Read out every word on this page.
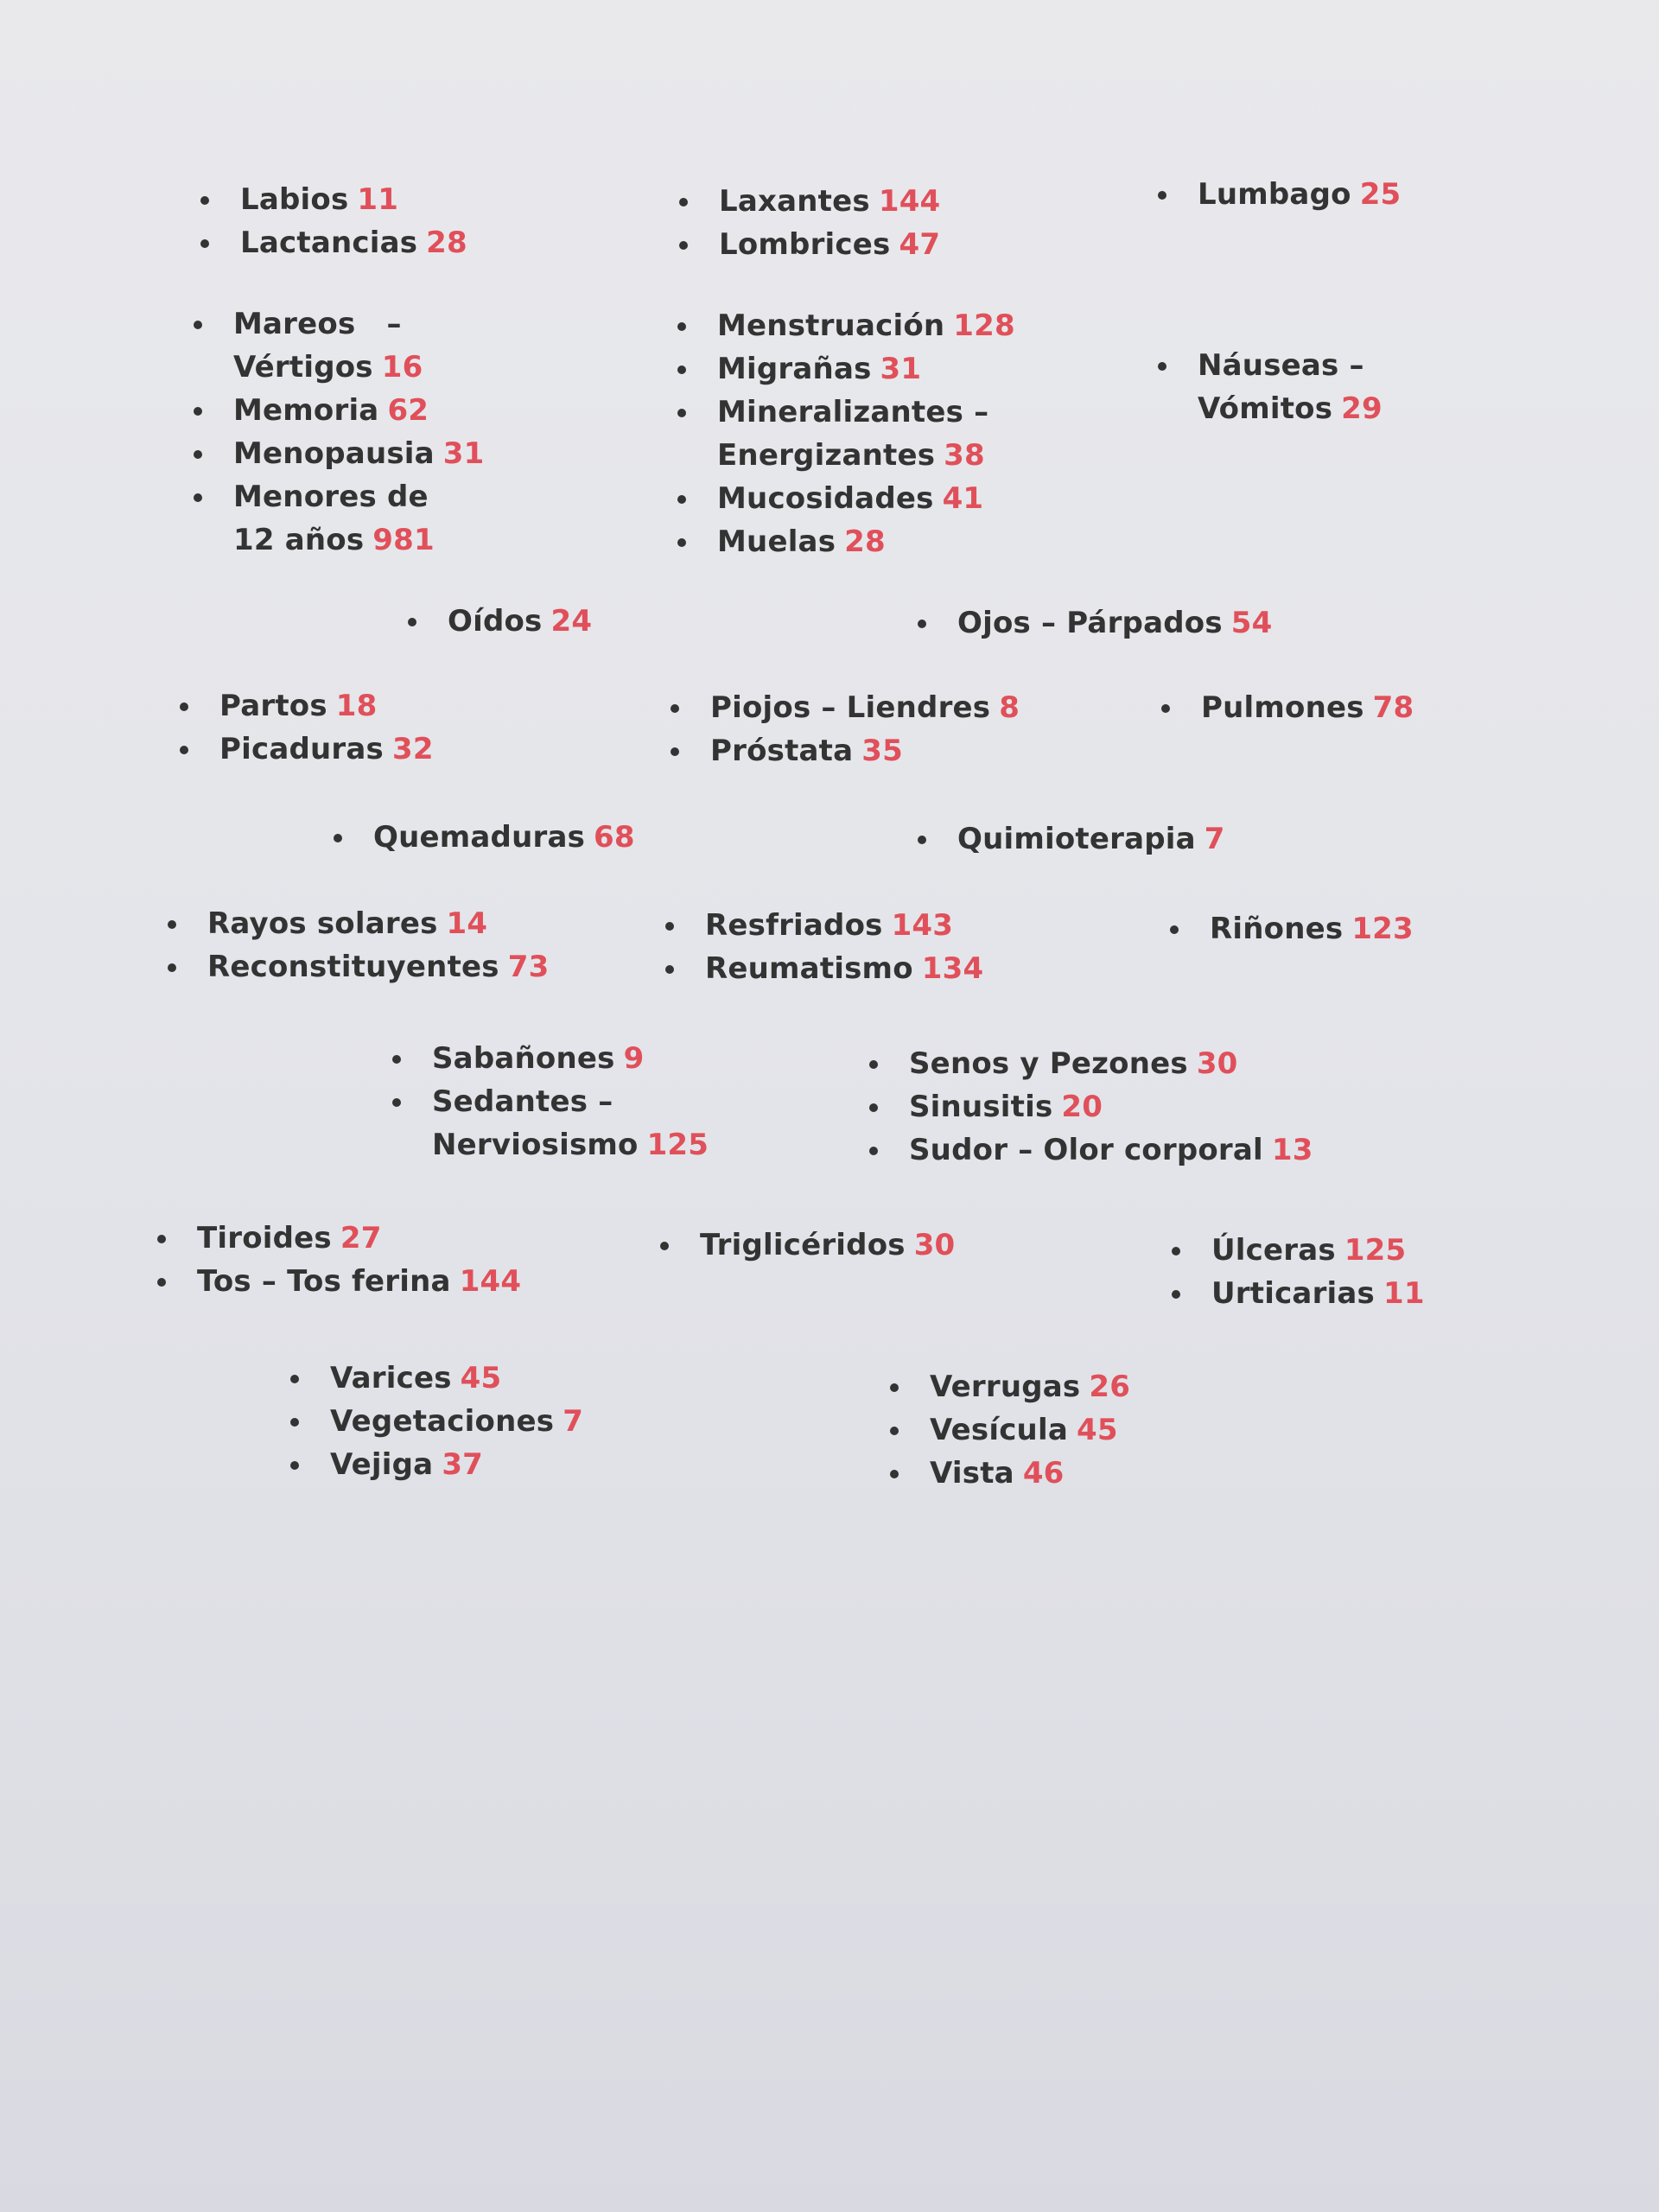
Labios 11
Lactancias 28
Laxantes 144
Lombrices 47
Lumbago 25
Mareos   –   Vértigos 16
Memoria 62
Menopausia 31
Menores de 12 años 981
Menstruación 128
Migrañas 31
Mineralizantes – Energizantes 38
Mucosidades 41
Muelas 28
Náuseas – Vómitos 29
Oídos 24	Ojos – Párpados 54
Partos 18
Picaduras 32
Piojos – Liendres 8
Próstata 35
Pulmones 78
Quemaduras 68	Quimioterapia 7
Rayos solares 14
Reconstituyentes 73
Resfriados 143
Reumatismo 134
Riñones 123
Sabañones 9
Sedantes – Nerviosismo 125
Senos y Pezones 30
Sinusitis 20
Sudor – Olor corporal 13
Tiroides 27
Tos – Tos ferina 144
Triglicéridos 30	Úlceras 125
Urticarias 11
Varices 45
Vegetaciones 7
Vejiga 37
Verrugas 26
Vesícula 45
Vista 46
